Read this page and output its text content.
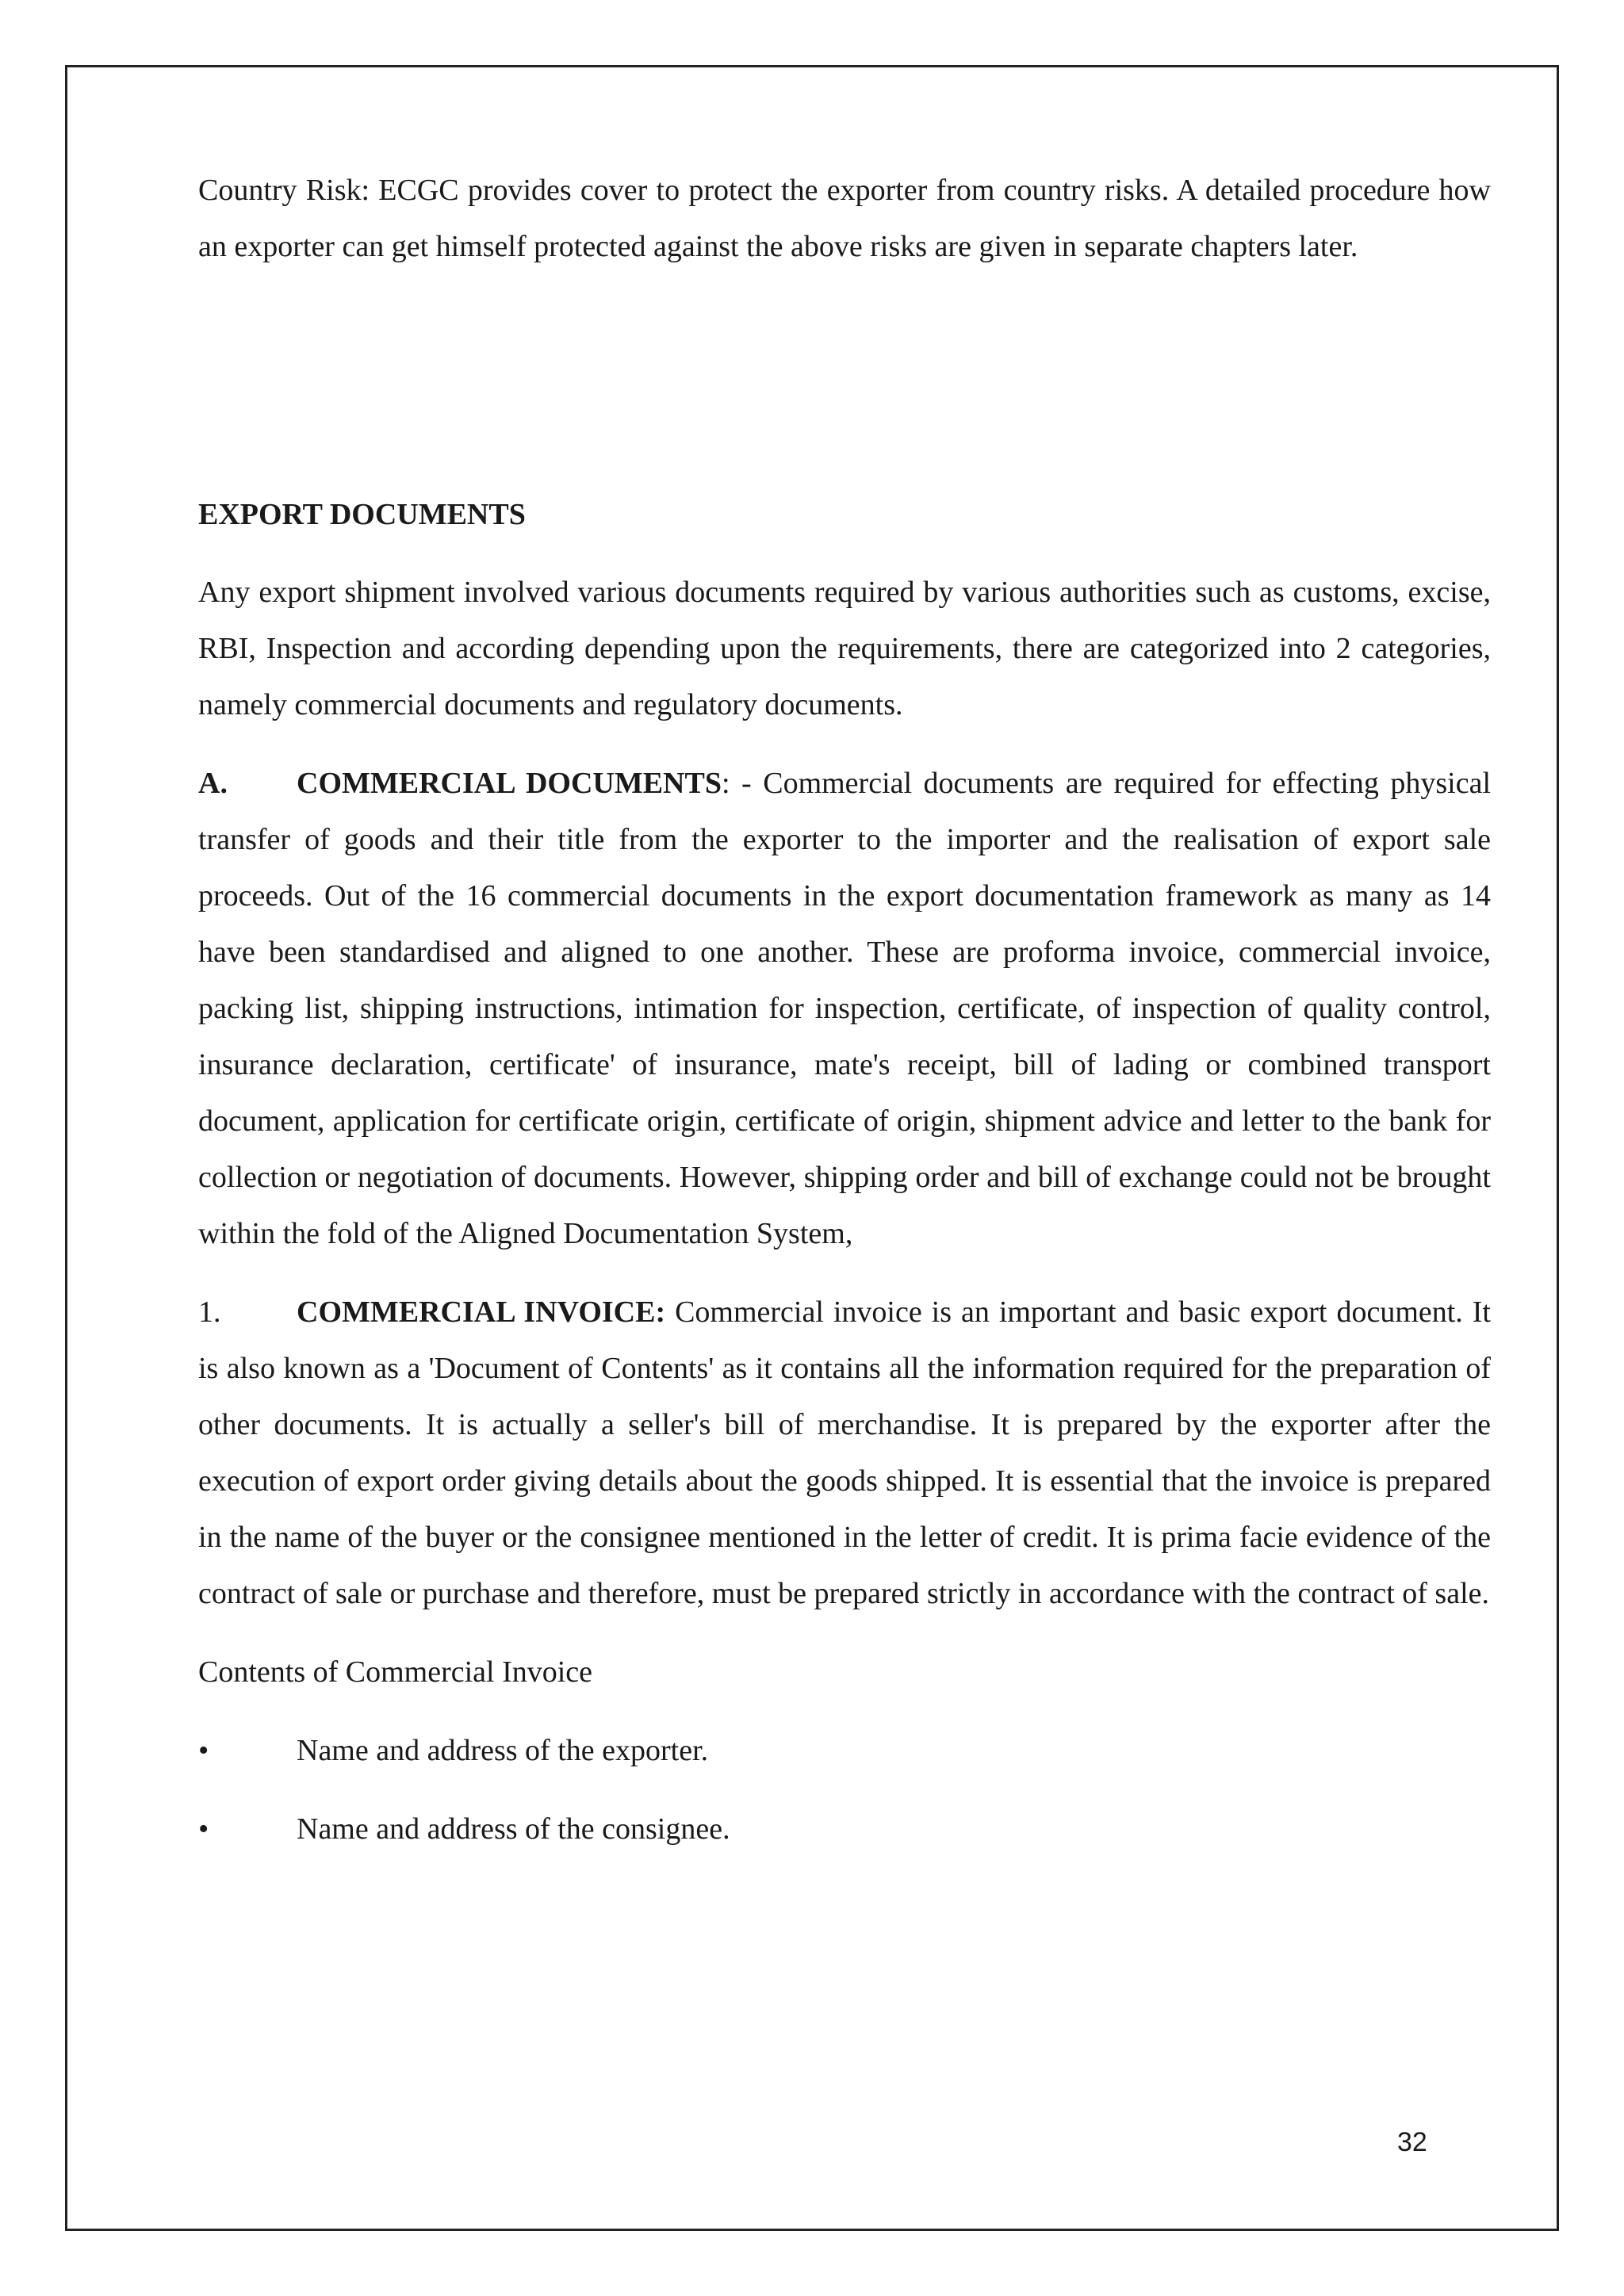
Country Risk: ECGC provides cover to protect the exporter from country risks. A detailed procedure how an exporter can get himself protected against the above risks are given in separate chapters later.

EXPORT DOCUMENTS

Any export shipment involved various documents required by various authorities such as customs, excise, RBI, Inspection and according depending upon the requirements, there are categorized into 2 categories, namely commercial documents and regulatory documents.

A. COMMERCIAL DOCUMENTS: - Commercial documents are required for effecting physical transfer of goods and their title from the exporter to the importer and the realisation of export sale proceeds. Out of the 16 commercial documents in the export documentation framework as many as 14 have been standardised and aligned to one another. These are proforma invoice, commercial invoice, packing list, shipping instructions, intimation for inspection, certificate, of inspection of quality control, insurance declaration, certificate' of insurance, mate's receipt, bill of lading or combined transport document, application for certificate origin, certificate of origin, shipment advice and letter to the bank for collection or negotiation of documents. However, shipping order and bill of exchange could not be brought within the fold of the Aligned Documentation System,

1.	COMMERCIAL INVOICE: Commercial invoice is an important and basic export document. It is also known as a 'Document of Contents' as it contains all the information required for the preparation of other documents. It is actually a seller's bill of merchandise. It is prepared by the exporter after the execution of export order giving details about the goods shipped. It is essential that the invoice is prepared in the name of the buyer or the consignee mentioned in the letter of credit. It is prima facie evidence of the contract of sale or purchase and therefore, must be prepared strictly in accordance with the contract of sale.

Contents of Commercial Invoice

•	Name and address of the exporter.

•	Name and address of the consignee.

32
